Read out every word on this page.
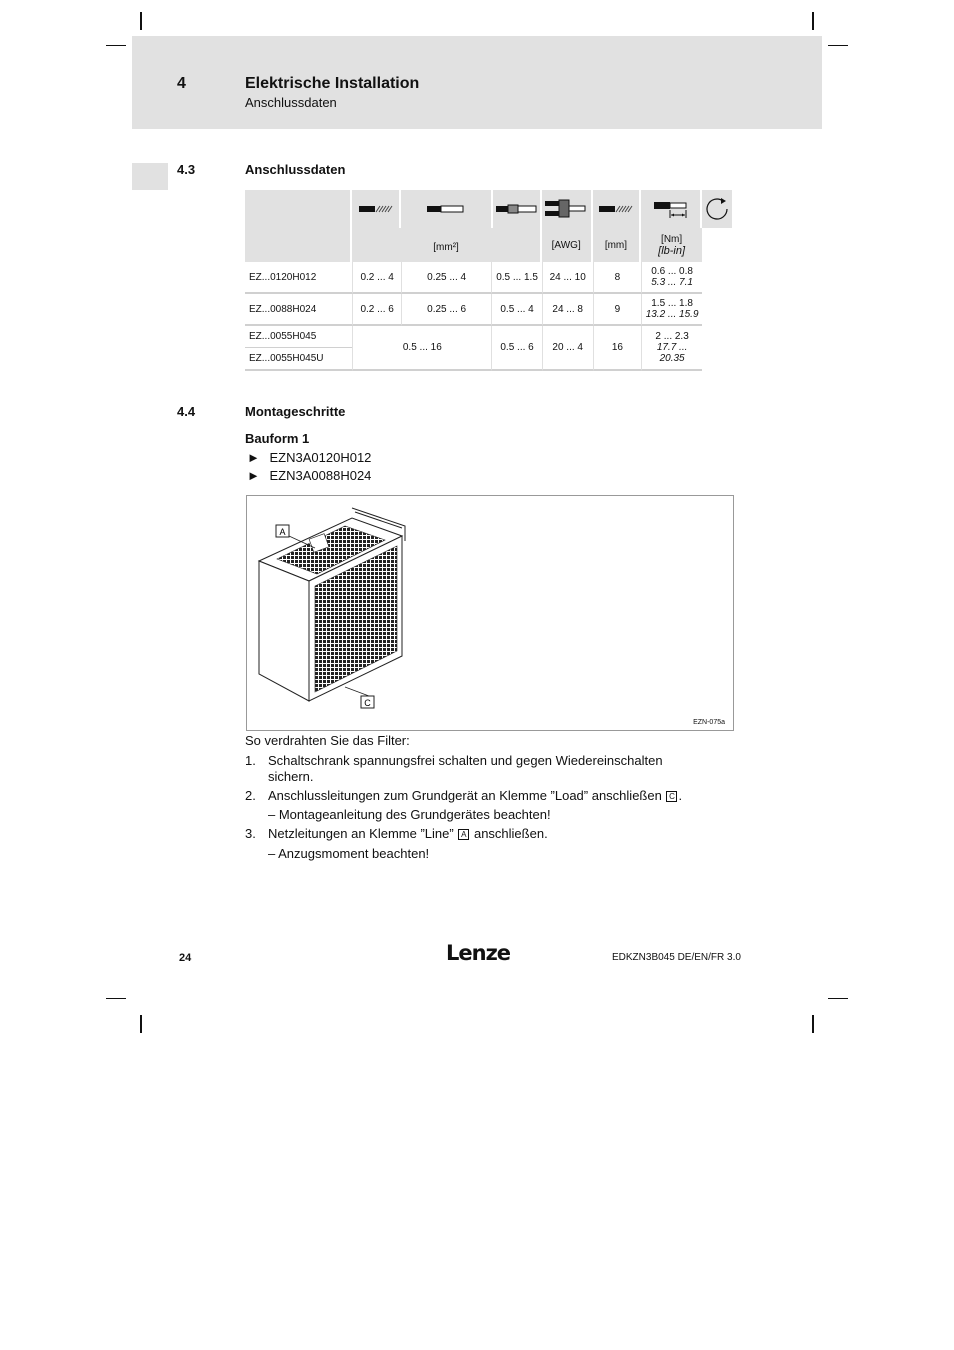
4	Elektrische Installation
Anschlussdaten
4.3	Anschlussdaten

	[mm²]			[AWG]	[mm]	[Nm]
[lb-in]	

EZ...0120H012	0.2 ... 4	0.25 ... 4	0.5 ... 1.5	24 ... 10	8	0.6 ... 0.8
5.3 ... 7.1	

EZ...0088H024	0.2 ... 6	0.25 ... 6	0.5 ... 4	24 ... 8	9	1.5 ... 1.8
13.2 ... 15.9	

EZ...0055H045	0.5 ... 16		0.5 ... 6	20 ... 4	16	2 ... 2.3
17.7 ...
20.35	

EZ...0055H045U							
4.4	Montageschritte
Bauform 1
► EZN3A0120H012
► EZN3A0088H024
A
C
EZN-075a
So verdrahten Sie das Filter:
1. Schaltschrank spannungsfrei schalten und gegen Wiedereinschalten
sichern.
2. Anschlussleitungen zum Grundgerät an Klemme ”Load” anschließen C .
– Montageanleitung des Grundgerätes beachten!
3. Netzleitungen an Klemme ”Line” A anschließen.
– Anzugsmoment beachten!
24	Lenze	EDKZN3B045 DE/EN/FR 3.0
